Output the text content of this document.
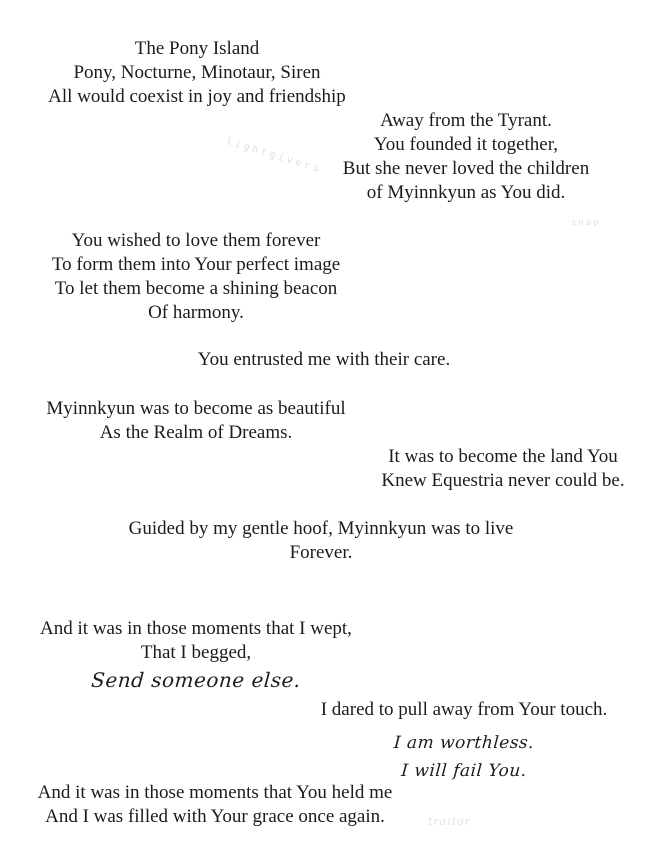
The Pony Island
Pony, Nocturne, Minotaur, Siren
All would coexist in joy and friendship
lightgivers
Away from the Tyrant.
You founded it together,
But she never loved the children
of Myinnkyun as You did.
snap
You wished to love them forever
To form them into Your perfect image
To let them become a shining beacon
Of harmony.
You entrusted me with their care.
Myinnkyun was to become as beautiful
As the Realm of Dreams.
It was to become the land You
Knew Equestria never could be.
Guided by my gentle hoof, Myinnkyun was to live
Forever.
And it was in those moments that I wept,
That I begged,
Send someone else.
I dared to pull away from Your touch.
I am worthless.
I will fail You.
And it was in those moments that You held me
And I was filled with Your grace once again.	traitor
